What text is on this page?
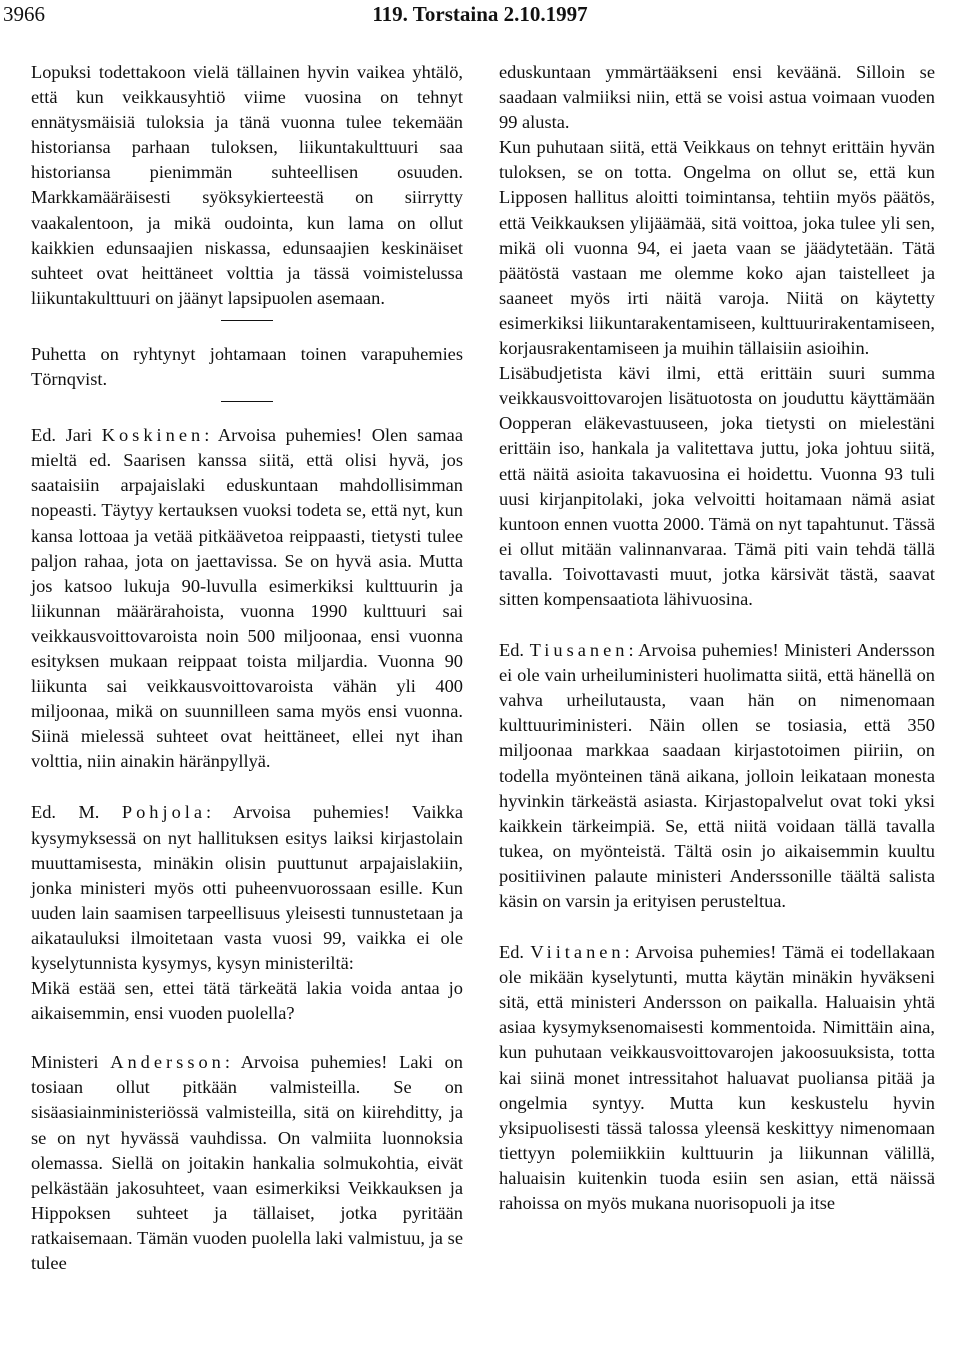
3966	119. Torstaina 2.10.1997

Lopuksi todettakoon vielä tällainen hyvin vaikea yhtälö, että kun veikkausyhtiö viime vuosina on tehnyt ennätysmäisiä tuloksia ja tänä vuonna tulee tekemään historiansa parhaan tuloksen, liikuntakulttuuri saa historiansa pienimmän suhteellisen osuuden. Markkamääräisesti syöksykierteestä on siirrytty vaakalentoon, ja mikä oudointa, kun lama on ollut kaikkien edunsaajien niskassa, edunsaajien keskinäiset suhteet ovat heittäneet volttia ja tässä voimistelussa liikuntakulttuuri on jäänyt lapsipuolen asemaan.

Puhetta on ryhtynyt johtamaan toinen varapuhemies Törnqvist.

Ed. Jari Koskinen: Arvoisa puhemies! Olen samaa mieltä ed. Saarisen kanssa siitä, että olisi hyvä, jos saataisiin arpajaislaki eduskuntaan mahdollisimman nopeasti. Täytyy kertauksen vuoksi todeta se, että nyt, kun kansa lottoaa ja vetää pitkäävetoa reippaasti, tietysti tulee paljon rahaa, jota on jaettavissa. Se on hyvä asia. Mutta jos katsoo lukuja 90-luvulla esimerkiksi kulttuurin ja liikunnan määrärahoista, vuonna 1990 kulttuuri sai veikkausvoittovaroista noin 500 miljoonaa, ensi vuonna esityksen mukaan reippaat toista miljardia. Vuonna 90 liikunta sai veikkausvoittovaroista vähän yli 400 miljoonaa, mikä on suunnilleen sama myös ensi vuonna. Siinä mielessä suhteet ovat heittäneet, ellei nyt ihan volttia, niin ainakin häränpyllyä.

Ed. M. Pohjola: Arvoisa puhemies! Vaikka kysymyksessä on nyt hallituksen esitys laiksi kirjastolain muuttamisesta, minäkin olisin puuttunut arpajaislakiin, jonka ministeri myös otti puheenvuorossaan esille. Kun uuden lain saamisen tarpeellisuus yleisesti tunnustetaan ja aikatauluksi ilmoitetaan vasta vuosi 99, vaikka ei ole kyselytunnista kysymys, kysyn ministeriltä:

Mikä estää sen, ettei tätä tärkeätä lakia voida antaa jo aikaisemmin, ensi vuoden puolella?

Ministeri Andersson: Arvoisa puhemies! Laki on tosiaan ollut pitkään valmisteilla. Se on sisäasiainministeriössä valmisteilla, sitä on kiirehditty, ja se on nyt hyvässä vauhdissa. On valmiita luonnoksia olemassa. Siellä on joitakin hankalia solmukohtia, eivät pelkästään jakosuhteet, vaan esimerkiksi Veikkauksen ja Hippoksen suhteet ja tällaiset, jotka pyritään ratkaisemaan. Tämän vuoden puolella laki valmistuu, ja se tulee

eduskuntaan ymmärtääkseni ensi keväänä. Silloin se saadaan valmiiksi niin, että se voisi astua voimaan vuoden 99 alusta.

Kun puhutaan siitä, että Veikkaus on tehnyt erittäin hyvän tuloksen, se on totta. Ongelma on ollut se, että kun Lipposen hallitus aloitti toimintansa, tehtiin myös päätös, että Veikkauksen ylijäämää, sitä voittoa, joka tulee yli sen, mikä oli vuonna 94, ei jaeta vaan se jäädytetään. Tätä päätöstä vastaan me olemme koko ajan taistelleet ja saaneet myös irti näitä varoja. Niitä on käytetty esimerkiksi liikuntarakentamiseen, kulttuurirakentamiseen, korjausrakentamiseen ja muihin tällaisiin asioihin.

Lisäbudjetista kävi ilmi, että erittäin suuri summa veikkausvoittovarojen lisätuotosta on jouduttu käyttämään Oopperan eläkevastuuseen, joka tietysti on mielestäni erittäin iso, hankala ja valitettava juttu, joka johtuu siitä, että näitä asioita takavuosina ei hoidettu. Vuonna 93 tuli uusi kirjanpitolaki, joka velvoitti hoitamaan nämä asiat kuntoon ennen vuotta 2000. Tämä on nyt tapahtunut. Tässä ei ollut mitään valinnanvaraa. Tämä piti vain tehdä tällä tavalla. Toivottavasti muut, jotka kärsivät tästä, saavat sitten kompensaatiota lähivuosina.

Ed. Tiusanen: Arvoisa puhemies! Ministeri Andersson ei ole vain urheiluministeri huolimatta siitä, että hänellä on vahva urheilutausta, vaan hän on nimenomaan kulttuuriministeri. Näin ollen se tosiasia, että 350 miljoonaa markkaa saadaan kirjastotoimen piiriin, on todella myönteinen tänä aikana, jolloin leikataan monesta hyvinkin tärkeästä asiasta. Kirjastopalvelut ovat toki yksi kaikkein tärkeimpiä. Se, että niitä voidaan tällä tavalla tukea, on myönteistä. Tältä osin jo aikaisemmin kuultu positiivinen palaute ministeri Anderssonille täältä salista käsin on varsin ja erityisen perusteltua.

Ed. Viitanen: Arvoisa puhemies! Tämä ei todellakaan ole mikään kyselytunti, mutta käytän minäkin hyväkseni sitä, että ministeri Andersson on paikalla. Haluaisin yhtä asiaa kysymyksenomaisesti kommentoida. Nimittäin aina, kun puhutaan veikkausvoittovarojen jakoosuuksista, totta kai siinä monet intressitahot haluavat puoliansa pitää ja ongelmia syntyy. Mutta kun keskustelu hyvin yksipuolisesti tässä talossa yleensä keskittyy nimenomaan tiettyyn polemiikkiin kulttuurin ja liikunnan välillä, haluaisin kuitenkin tuoda esiin sen asian, että näissä rahoissa on myös mukana nuorisopuoli ja itse
